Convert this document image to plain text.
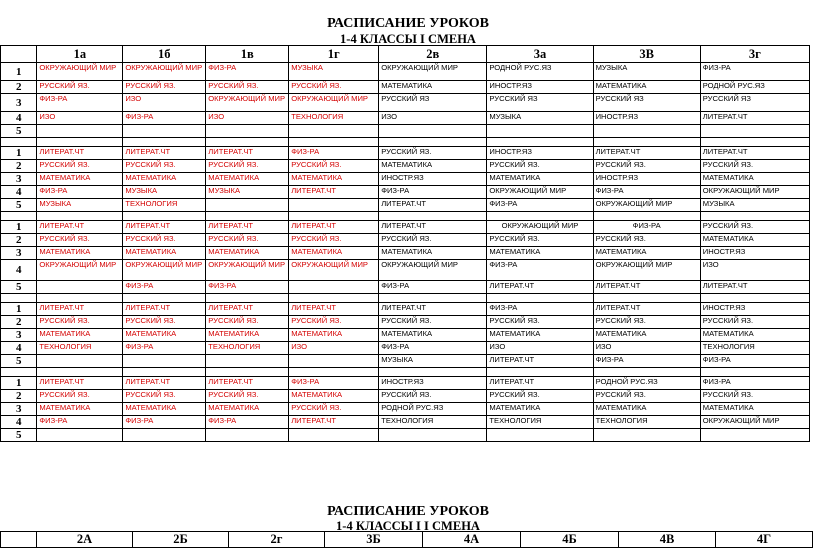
РАСПИСАНИЕ УРОКОВ
1-4 КЛАССЫ I СМЕНА
	1а	1б	1в	1г	2в	3а	3В	3г
1	ОКРУЖАЮЩИЙ МИР	ОКРУЖАЮЩИЙ МИР	ФИЗ-РА	МУЗЫКА	ОКРУЖАЮЩИЙ МИР	РОДНОЙ РУС.ЯЗ	МУЗЫКА	ФИЗ-РА
2	РУССКИЙ ЯЗ.	РУССКИЙ ЯЗ.	РУССКИЙ ЯЗ.	РУССКИЙ ЯЗ.	МАТЕМАТИКА	ИНОСТР.ЯЗ	МАТЕМАТИКА	РОДНОЙ РУС.ЯЗ
3	ФИЗ-РА	ИЗО	ОКРУЖАЮЩИЙ МИР	ОКРУЖАЮЩИЙ МИР	РУССКИЙ ЯЗ	РУССКИЙ ЯЗ	РУССКИЙ ЯЗ	РУССКИЙ ЯЗ
4	ИЗО	ФИЗ-РА	ИЗО	ТЕХНОЛОГИЯ	ИЗО	МУЗЫКА	ИНОСТР.ЯЗ	ЛИТЕРАТ.ЧТ
5								

1	ЛИТЕРАТ.ЧТ	ЛИТЕРАТ.ЧТ	ЛИТЕРАТ.ЧТ	ФИЗ-РА	РУССКИЙ ЯЗ.	ИНОСТР.ЯЗ	ЛИТЕРАТ.ЧТ	ЛИТЕРАТ.ЧТ
2	РУССКИЙ ЯЗ.	РУССКИЙ ЯЗ.	РУССКИЙ ЯЗ.	РУССКИЙ ЯЗ.	МАТЕМАТИКА	РУССКИЙ ЯЗ.	РУССКИЙ ЯЗ.	РУССКИЙ ЯЗ.
3	МАТЕМАТИКА	МАТЕМАТИКА	МАТЕМАТИКА	МАТЕМАТИКА	ИНОСТР.ЯЗ	МАТЕМАТИКА	ИНОСТР.ЯЗ	МАТЕМАТИКА
4	ФИЗ-РА	МУЗЫКА	МУЗЫКА	ЛИТЕРАТ.ЧТ	ФИЗ-РА	ОКРУЖАЮЩИЙ МИР	ФИЗ-РА	ОКРУЖАЮЩИЙ МИР
5	МУЗЫКА	ТЕХНОЛОГИЯ			ЛИТЕРАТ.ЧТ	ФИЗ-РА	ОКРУЖАЮЩИЙ МИР	МУЗЫКА

1	ЛИТЕРАТ.ЧТ	ЛИТЕРАТ.ЧТ	ЛИТЕРАТ.ЧТ	ЛИТЕРАТ.ЧТ	ЛИТЕРАТ.ЧТ	ОКРУЖАЮЩИЙ МИР	ФИЗ-РА	РУССКИЙ ЯЗ.
2	РУССКИЙ ЯЗ.	РУССКИЙ ЯЗ.	РУССКИЙ ЯЗ.	РУССКИЙ ЯЗ.	РУССКИЙ ЯЗ.	РУССКИЙ ЯЗ.	РУССКИЙ ЯЗ.	МАТЕМАТИКА
3	МАТЕМАТИКА	МАТЕМАТИКА	МАТЕМАТИКА	МАТЕМАТИКА	МАТЕМАТИКА	МАТЕМАТИКА	МАТЕМАТИКА	ИНОСТР.ЯЗ
4	ОКРУЖАЮЩИЙ МИР	ОКРУЖАЮЩИЙ МИР	ОКРУЖАЮЩИЙ МИР	ОКРУЖАЮЩИЙ МИР	ОКРУЖАЮЩИЙ МИР	ФИЗ-РА	ОКРУЖАЮЩИЙ МИР	ИЗО
5		ФИЗ-РА	ФИЗ-РА		ФИЗ-РА	ЛИТЕРАТ.ЧТ	ЛИТЕРАТ.ЧТ	ЛИТЕРАТ.ЧТ

1	ЛИТЕРАТ.ЧТ	ЛИТЕРАТ.ЧТ	ЛИТЕРАТ.ЧТ	ЛИТЕРАТ.ЧТ	ЛИТЕРАТ.ЧТ	ФИЗ-РА	ЛИТЕРАТ.ЧТ	ИНОСТР.ЯЗ
2	РУССКИЙ ЯЗ.	РУССКИЙ ЯЗ.	РУССКИЙ ЯЗ.	РУССКИЙ ЯЗ.	РУССКИЙ ЯЗ.	РУССКИЙ ЯЗ.	РУССКИЙ ЯЗ.	РУССКИЙ ЯЗ.
3	МАТЕМАТИКА	МАТЕМАТИКА	МАТЕМАТИКА	МАТЕМАТИКА	МАТЕМАТИКА	МАТЕМАТИКА	МАТЕМАТИКА	МАТЕМАТИКА
4	ТЕХНОЛОГИЯ	ФИЗ-РА	ТЕХНОЛОГИЯ	ИЗО	ФИЗ-РА	ИЗО	ИЗО	ТЕХНОЛОГИЯ
5					МУЗЫКА	ЛИТЕРАТ.ЧТ	ФИЗ-РА	ФИЗ-РА

1	ЛИТЕРАТ.ЧТ	ЛИТЕРАТ.ЧТ	ЛИТЕРАТ.ЧТ	ФИЗ-РА	ИНОСТР.ЯЗ	ЛИТЕРАТ.ЧТ	РОДНОЙ РУС.ЯЗ	ФИЗ-РА
2	РУССКИЙ ЯЗ.	РУССКИЙ ЯЗ.	РУССКИЙ ЯЗ.	МАТЕМАТИКА	РУССКИЙ ЯЗ.	РУССКИЙ ЯЗ.	РУССКИЙ ЯЗ.	РУССКИЙ ЯЗ.
3	МАТЕМАТИКА	МАТЕМАТИКА	МАТЕМАТИКА	РУССКИЙ ЯЗ.	РОДНОЙ РУС.ЯЗ	МАТЕМАТИКА	МАТЕМАТИКА	МАТЕМАТИКА
4	ФИЗ-РА	ФИЗ-РА	ФИЗ-РА	ЛИТЕРАТ.ЧТ	ТЕХНОЛОГИЯ	ТЕХНОЛОГИЯ	ТЕХНОЛОГИЯ	ОКРУЖАЮЩИЙ МИР
5								
РАСПИСАНИЕ УРОКОВ
1-4 КЛАССЫ I I СМЕНА
	2А	2Б	2г	3Б	4А	4Б	4В	4Г
